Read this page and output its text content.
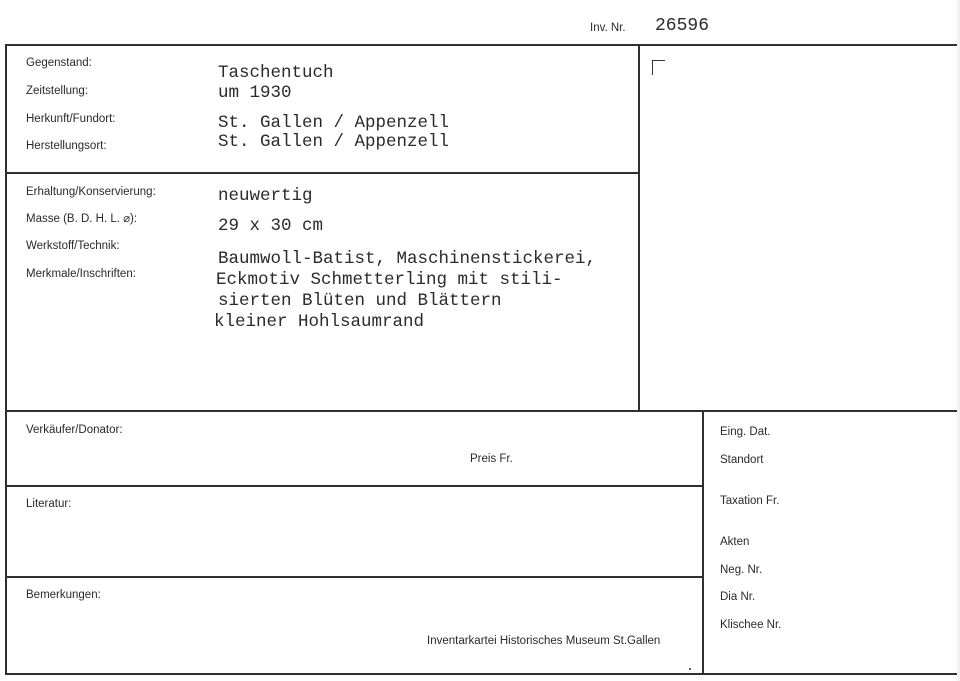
Inv. Nr. 26596
Gegenstand:
Zeitstellung:
Herkunft/Fundort:
Herstellungsort:
Taschentuch
um 1930
St. Gallen / Appenzell
St. Gallen / Appenzell
Erhaltung/Konservierung:
Masse (B. D. H. L. ⌀):
Werkstoff/Technik:
Merkmale/Inschriften:
neuwertig
29 x 30 cm
Baumwoll-Batist, Maschinenstickerei,
Eckmotiv Schmetterling mit stili-
sierten Blüten und Blättern
kleiner Hohlsaumrand
Verkäufer/Donator:
Preis Fr.
Literatur:
Bemerkungen:
Inventarkartei Historisches Museum St.Gallen
Eing. Dat.
Standort
Taxation Fr.
Akten
Neg. Nr.
Dia Nr.
Klischee Nr.
